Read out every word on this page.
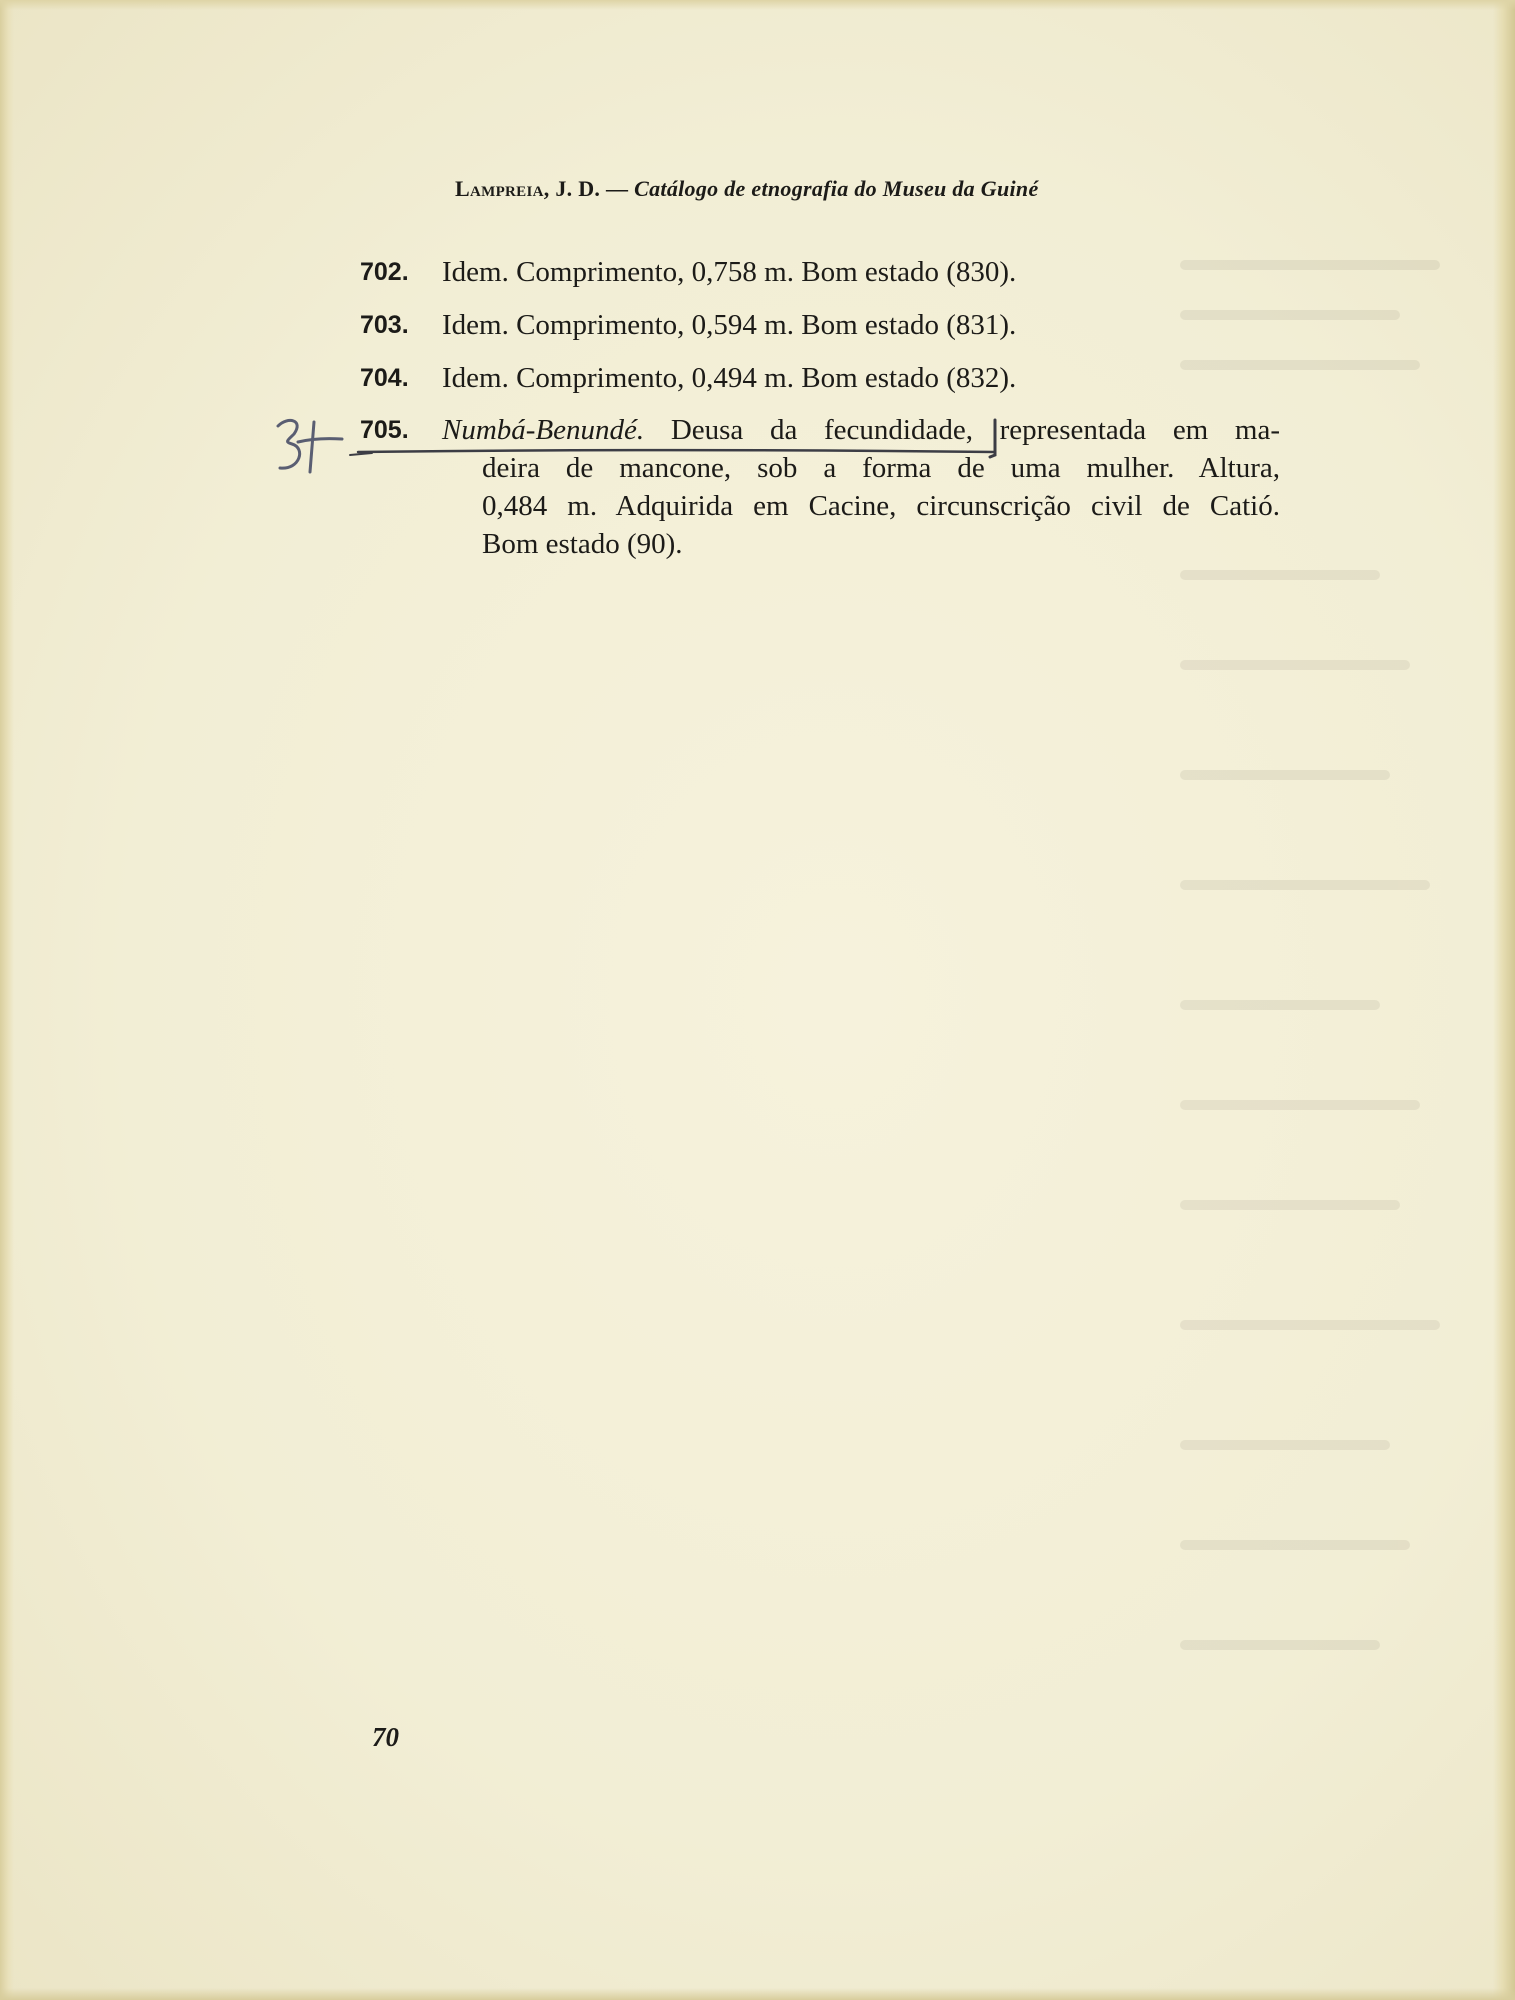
Lampreia, J. D. — Catálogo de etnografia do Museu da Guiné
702. Idem. Comprimento, 0,758 m. Bom estado (830).
703. Idem. Comprimento, 0,594 m. Bom estado (831).
704. Idem. Comprimento, 0,494 m. Bom estado (832).
705. Numbá-Benundé. Deusa da fecundidade, representada em ma-
deira de mancone, sob a forma de uma mulher. Altura,
0,484 m. Adquirida em Cacine, circunscrição civil de Catió.
Bom estado (90).
70
